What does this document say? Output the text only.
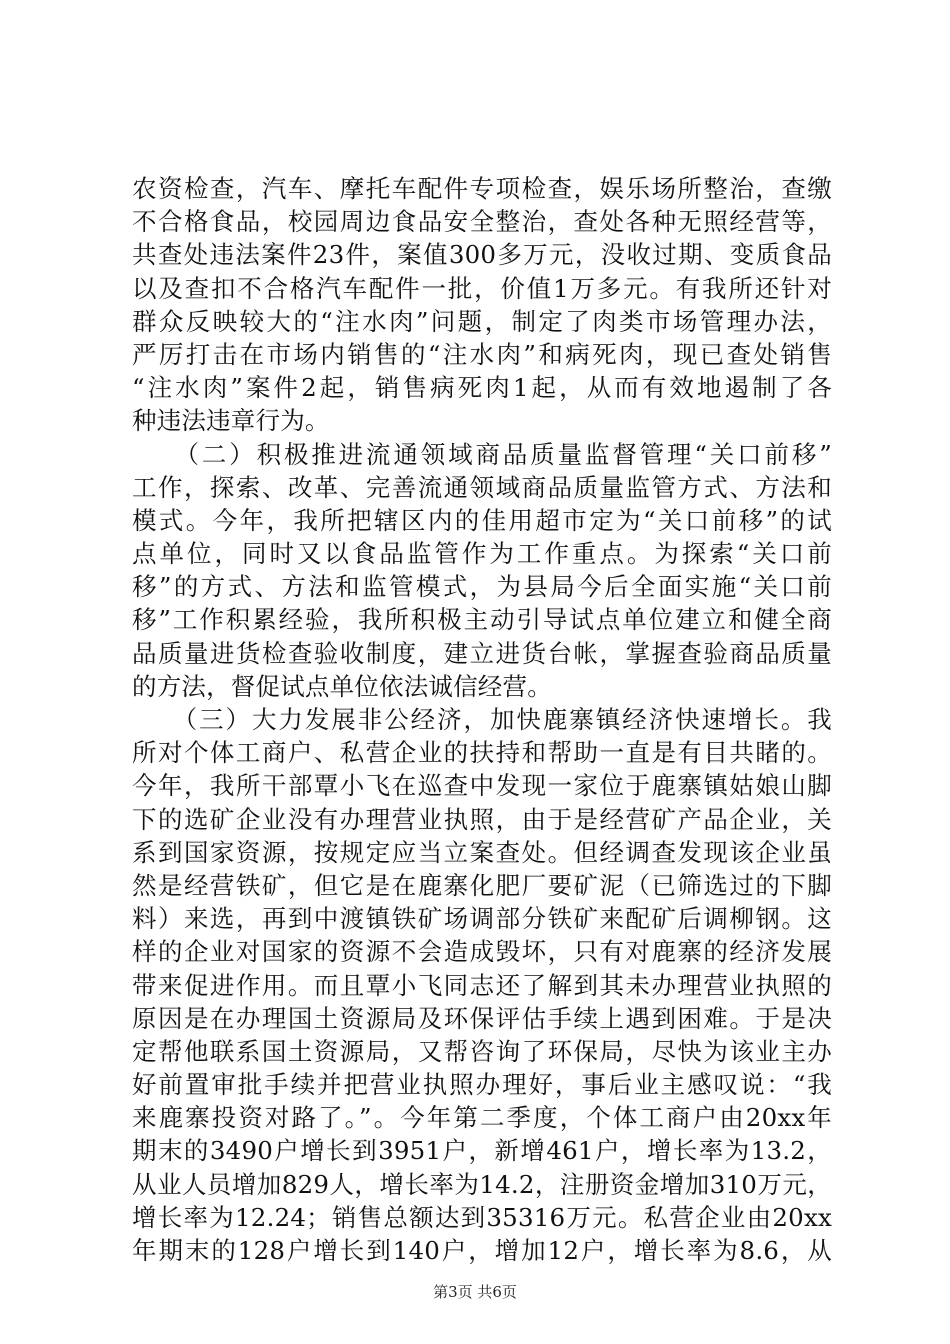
农资检查，汽车、摩托车配件专项检查，娱乐场所整治，查缴
不合格食品，校园周边食品安全整治，查处各种无照经营等，
共查处违法案件23件，案值300多万元，没收过期、变质食品
以及查扣不合格汽车配件一批，价值1万多元。有我所还针对
群众反映较大的“注水肉”问题，制定了肉类市场管理办法，
严厉打击在市场内销售的“注水肉”和病死肉，现已查处销售
“注水肉”案件2起，销售病死肉1起，从而有效地遏制了各
种违法违章行为。
　　（二）积极推进流通领域商品质量监督管理“关口前移”
工作，探索、改革、完善流通领域商品质量监管方式、方法和
模式。今年，我所把辖区内的佳用超市定为“关口前移”的试
点单位，同时又以食品监管作为工作重点。为探索“关口前
移”的方式、方法和监管模式，为县局今后全面实施“关口前
移”工作积累经验，我所积极主动引导试点单位建立和健全商
品质量进货检查验收制度，建立进货台帐，掌握查验商品质量
的方法，督促试点单位依法诚信经营。
　　（三）大力发展非公经济，加快鹿寨镇经济快速增长。我
所对个体工商户、私营企业的扶持和帮助一直是有目共睹的。
今年，我所干部覃小飞在巡查中发现一家位于鹿寨镇姑娘山脚
下的选矿企业没有办理营业执照，由于是经营矿产品企业，关
系到国家资源，按规定应当立案查处。但经调查发现该企业虽
然是经营铁矿，但它是在鹿寨化肥厂要矿泥（已筛选过的下脚
料）来选，再到中渡镇铁矿场调部分铁矿来配矿后调柳钢。这
样的企业对国家的资源不会造成毁坏，只有对鹿寨的经济发展
带来促进作用。而且覃小飞同志还了解到其未办理营业执照的
原因是在办理国土资源局及环保评估手续上遇到困难。于是决
定帮他联系国土资源局，又帮咨询了环保局，尽快为该业主办
好前置审批手续并把营业执照办理好，事后业主感叹说：“我
来鹿寨投资对路了。”。今年第二季度，个体工商户由20xx年
期末的3490户增长到3951户，新增461户，增长率为13.2，
从业人员增加829人，增长率为14.2，注册资金增加310万元，
增长率为12.24；销售总额达到35316万元。私营企业由20xx
年期末的128户增长到140户，增加12户，增长率为8.6，从
第3页 共6页
